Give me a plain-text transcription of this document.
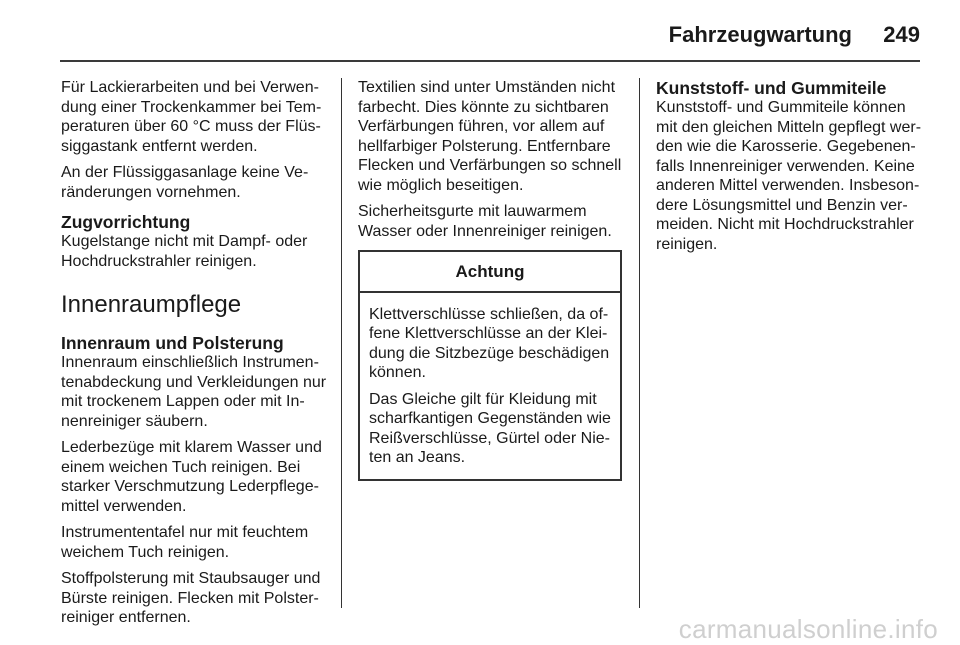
Fahrzeugwartung 249

Für Lackierarbeiten und bei Verwen-
dung einer Trockenkammer bei Tem-
peraturen über 60 °C muss der Flüs-
siggastank entfernt werden.

An der Flüssiggasanlage keine Ve-
ränderungen vornehmen.

Zugvorrichtung

Kugelstange nicht mit Dampf- oder
Hochdruckstrahler reinigen.

Innenraumpflege
Innenraum und Polsterung

Innenraum einschließlich Instrumen-
tenabdeckung und Verkleidungen nur
mit trockenem Lappen oder mit In-
nenreiniger säubern.

Lederbezüge mit klarem Wasser und
einem weichen Tuch reinigen. Bei
starker Verschmutzung Lederpflege-
mittel verwenden.

Instrumententafel nur mit feuchtem
weichem Tuch reinigen.

Stoffpolsterung mit Staubsauger und
Bürste reinigen. Flecken mit Polster-
reiniger entfernen.

Textilien sind unter Umständen nicht
farbecht. Dies könnte zu sichtbaren
Verfärbungen führen, vor allem auf
hellfarbiger Polsterung. Entfernbare
Flecken und Verfärbungen so schnell
wie möglich beseitigen.

Sicherheitsgurte mit lauwarmem
Wasser oder Innenreiniger reinigen.

Achtung

Klettverschlüsse schließen, da of-
fene Klettverschlüsse an der Klei-
dung die Sitzbezüge beschädigen
können.

Das Gleiche gilt für Kleidung mit
scharfkantigen Gegenständen wie
Reißverschlüsse, Gürtel oder Nie-
ten an Jeans.

Kunststoff- und Gummiteile

Kunststoff- und Gummiteile können
mit den gleichen Mitteln gepflegt wer-
den wie die Karosserie. Gegebenen-
falls Innenreiniger verwenden. Keine
anderen Mittel verwenden. Insbeson-
dere Lösungsmittel und Benzin ver-
meiden. Nicht mit Hochdruckstrahler
reinigen.

carmanualsonline.info
